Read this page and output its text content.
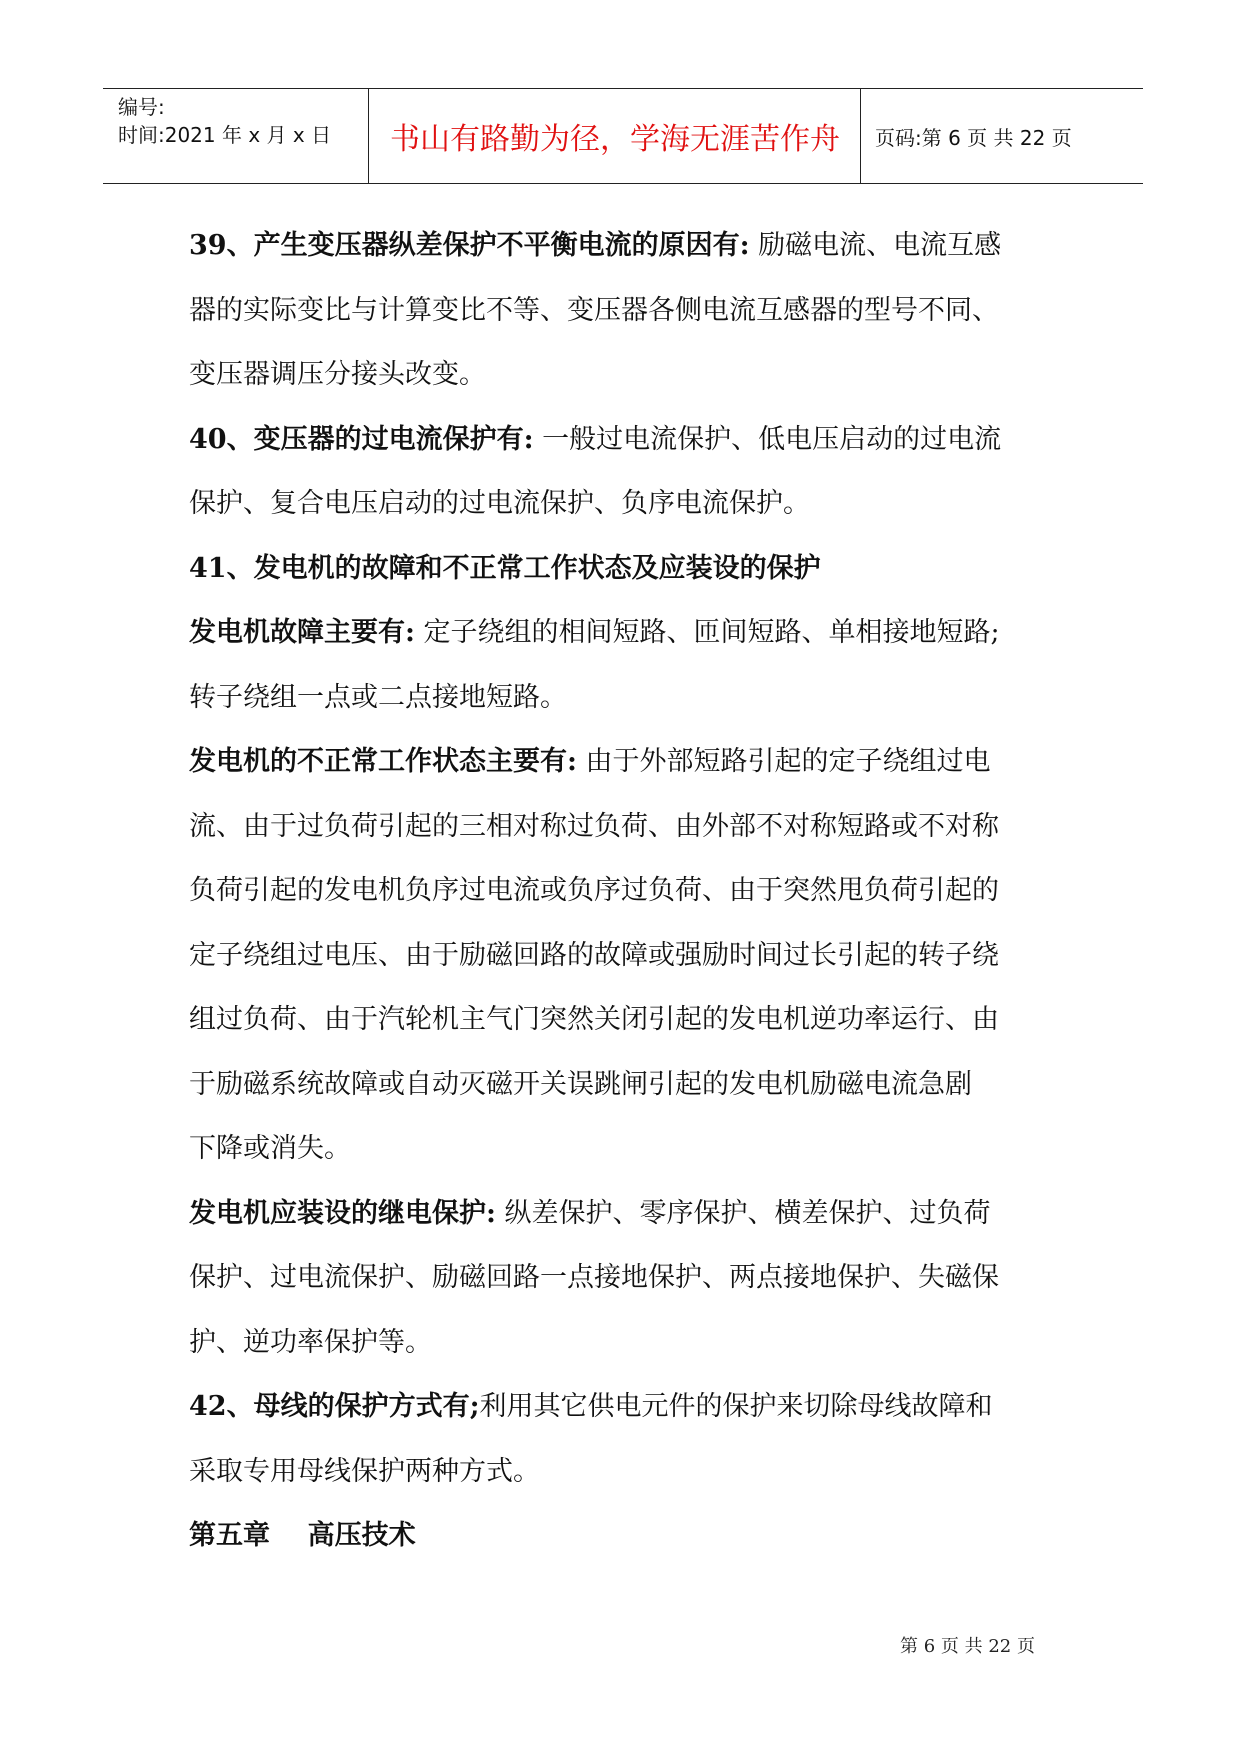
编号:
时间:2021 年 x 月 x 日	书山有路勤为径，学海无涯苦作舟	页码:第 6 页 共 22 页

39、产生变压器纵差保护不平衡电流的原因有: 励磁电流、电流互感

器的实际变比与计算变比不等、变压器各侧电流互感器的型号不同、

变压器调压分接头改变。

40、变压器的过电流保护有: 一般过电流保护、低电压启动的过电流

保护、复合电压启动的过电流保护、负序电流保护。

41、发电机的故障和不正常工作状态及应装设的保护

发电机故障主要有: 定子绕组的相间短路、匝间短路、单相接地短路;

转子绕组一点或二点接地短路。

发电机的不正常工作状态主要有: 由于外部短路引起的定子绕组过电

流、由于过负荷引起的三相对称过负荷、由外部不对称短路或不对称

负荷引起的发电机负序过电流或负序过负荷、由于突然甩负荷引起的

定子绕组过电压、由于励磁回路的故障或强励时间过长引起的转子绕

组过负荷、由于汽轮机主气门突然关闭引起的发电机逆功率运行、由

于励磁系统故障或自动灭磁开关误跳闸引起的发电机励磁电流急剧

下降或消失。

发电机应装设的继电保护: 纵差保护、零序保护、横差保护、过负荷

保护、过电流保护、励磁回路一点接地保护、两点接地保护、失磁保

护、逆功率保护等。

42、母线的保护方式有;利用其它供电元件的保护来切除母线故障和

采取专用母线保护两种方式。

第五章    高压技术

第 6 页 共 22 页
